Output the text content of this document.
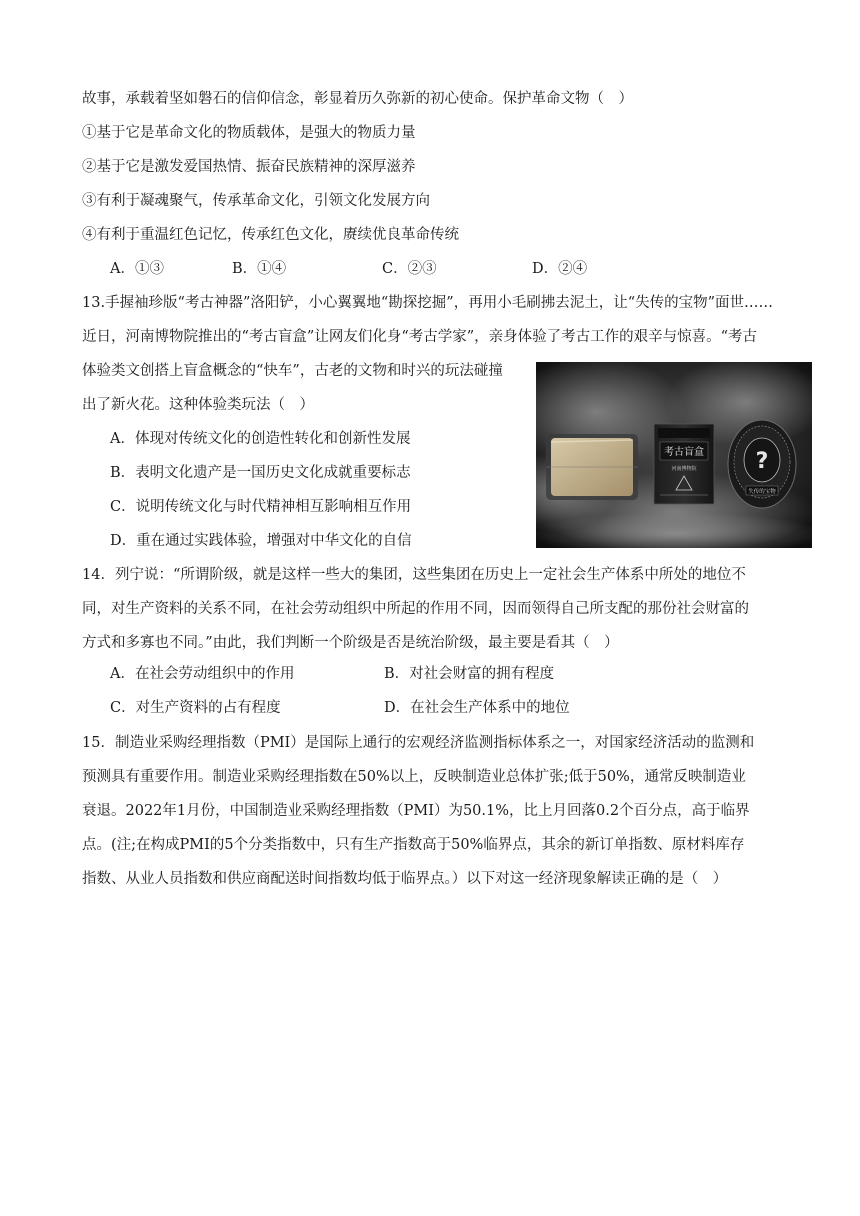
故事，承载着坚如磐石的信仰信念，彰显着历久弥新的初心使命。保护革命文物（　）
①基于它是革命文化的物质载体，是强大的物质力量
②基于它是激发爱国热情、振奋民族精神的深厚滋养
③有利于凝魂聚气，传承革命文化，引领文化发展方向
④有利于重温红色记忆，传承红色文化，赓续优良革命传统
A．①③	B．①④	C．②③	D．②④
13.手握袖珍版“考古神器”洛阳铲，小心翼翼地“勘探挖掘”，再用小毛刷拂去泥土，让“失传的宝物”面世……
近日，河南博物院推出的“考古盲盒”让网友们化身“考古学家”，亲身体验了考古工作的艰辛与惊喜。“考古
体验类文创搭上盲盒概念的“快车”，古老的文物和时兴的玩法碰撞
出了新火花。这种体验类玩法（　）
A．体现对传统文化的创造性转化和创新性发展
B．表明文化遗产是一国历史文化成就重要标志
C．说明传统文化与时代精神相互影响相互作用
D．重在通过实践体验，增强对中华文化的自信
考古盲盒
河南博物院	?
失传的宝物
14．列宁说：“所谓阶级，就是这样一些大的集团，这些集团在历史上一定社会生产体系中所处的地位不
同，对生产资料的关系不同，在社会劳动组织中所起的作用不同，因而领得自己所支配的那份社会财富的
方式和多寡也不同。”由此，我们判断一个阶级是否是统治阶级，最主要是看其（　）
A．在社会劳动组织中的作用	B．对社会财富的拥有程度
C．对生产资料的占有程度	D．在社会生产体系中的地位
15．制造业采购经理指数（PMI）是国际上通行的宏观经济监测指标体系之一，对国家经济活动的监测和
预测具有重要作用。制造业采购经理指数在50%以上，反映制造业总体扩张;低于50%，通常反映制造业
衰退。2022年1月份，中国制造业采购经理指数（PMI）为50.1%，比上月回落0.2个百分点，高于临界
点。(注;在构成PMI的5个分类指数中，只有生产指数高于50%临界点，其余的新订单指数、原材料库存
指数、从业人员指数和供应商配送时间指数均低于临界点。）以下对这一经济现象解读正确的是（　）
